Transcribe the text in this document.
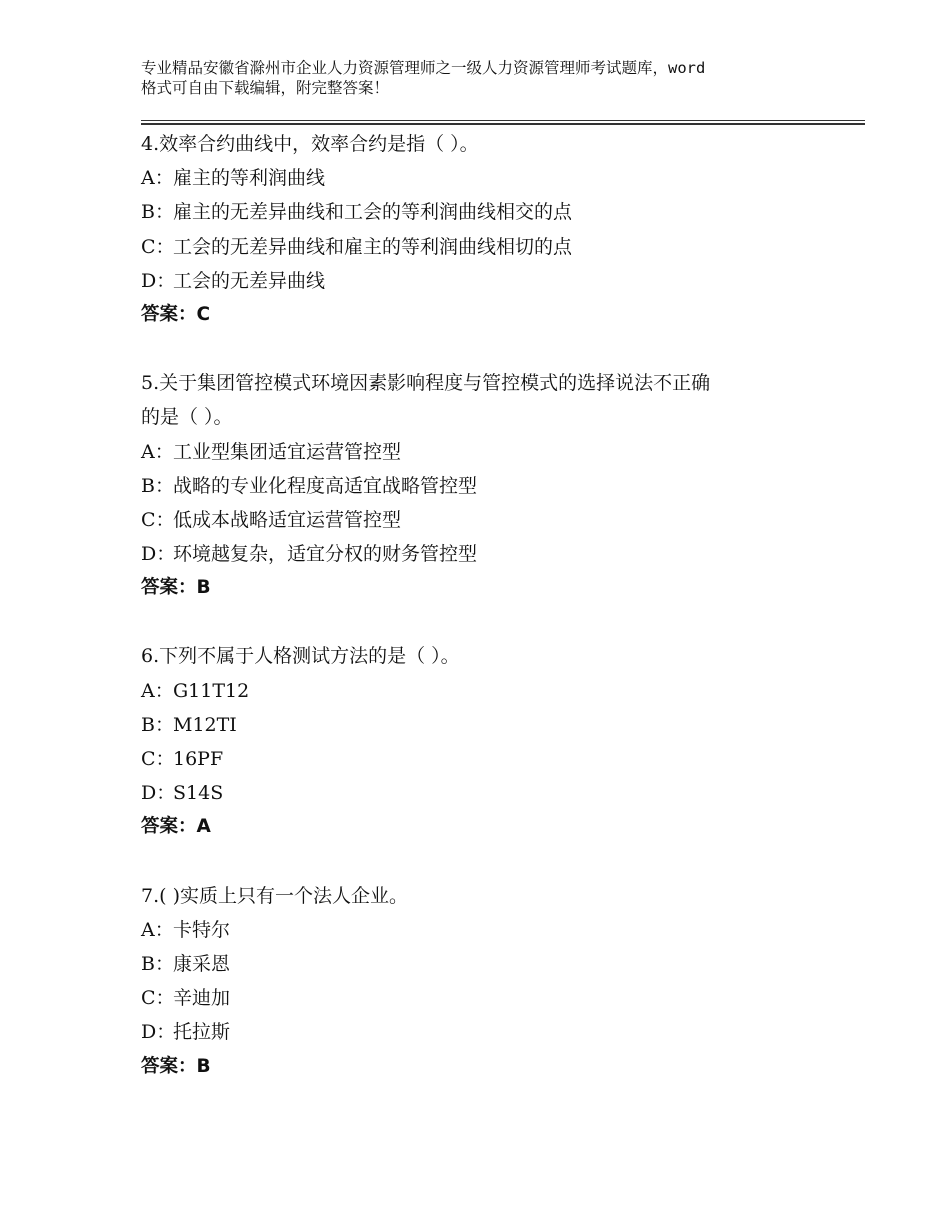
专业精品安徽省滁州市企业人力资源管理师之一级人力资源管理师考试题库，word
格式可自由下载编辑，附完整答案！
4.效率合约曲线中，效率合约是指（ ）。
A：雇主的等利润曲线
B：雇主的无差异曲线和工会的等利润曲线相交的点
C：工会的无差异曲线和雇主的等利润曲线相切的点
D：工会的无差异曲线
答案：C
5.关于集团管控模式环境因素影响程度与管控模式的选择说法不正确
的是（ ）。
A：工业型集团适宜运营管控型
B：战略的专业化程度高适宜战略管控型
C：低成本战略适宜运营管控型
D：环境越复杂，适宜分权的财务管控型
答案：B
6.下列不属于人格测试方法的是（ ）。
A：G11T12
B：M12TI
C：16PF
D：S14S
答案：A
7.( )实质上只有一个法人企业。
A：卡特尔
B：康采恩
C：辛迪加
D：托拉斯
答案：B
